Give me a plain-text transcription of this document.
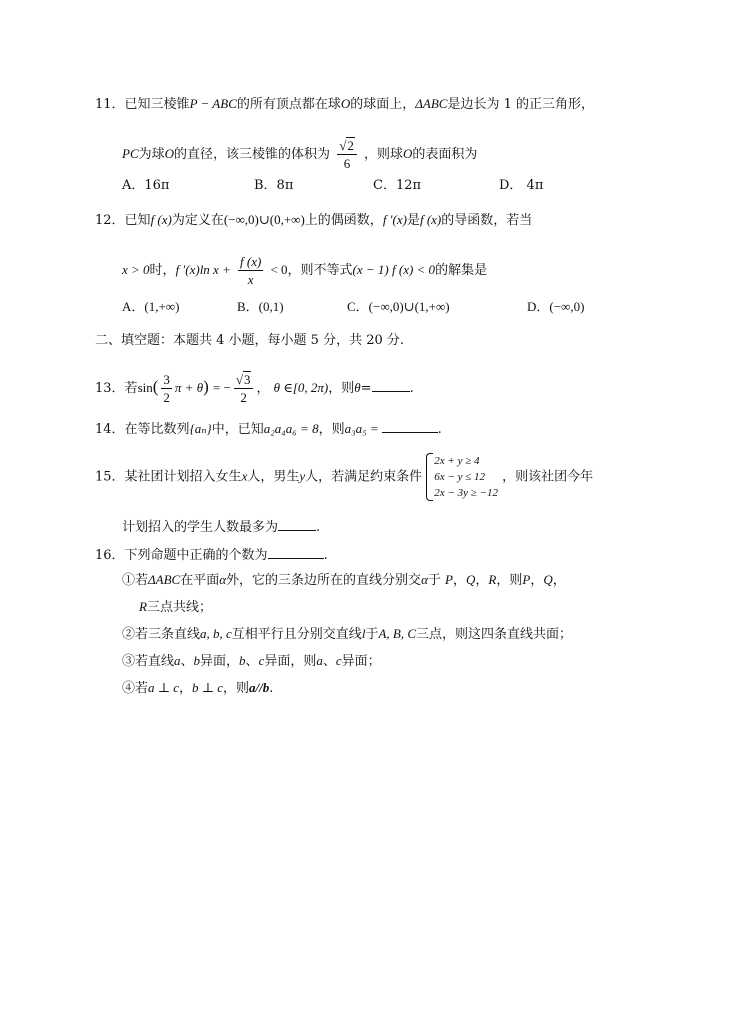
11．已知三棱锥P − ABC的所有顶点都在球O的球面上，ΔABC是边长为 1 的正三角形，
PC为球O的直径，该三棱锥的体积为 $\frac{√2}{6}$ ，则球O的表面积为
A．16π	B．8π	C．12π	D． 4π
12．已知f (x)为定义在(−∞,0)∪(0,+∞)上的偶函数，f ′(x)是f (x)的导函数，若当
x > 0时，f ′(x)ln $x + \frac{f (x)}{x} < 0$，则不等式(x − 1) f (x) < 0的解集是
A．(1,+∞)	B．(0,1)	C．(−∞,0)∪(1,+∞)	D．(−∞,0)
二、填空题：本题共 4 小题，每小题 5 分，共 20 分.
13．若$\sin( \frac{3}{2}$ π + θ) = − $\frac{√3}{2}$ ， θ ∈[0, 2π)，则θ=	.
14．在等比数列{aₙ}中，已知a₂a₄a₆ = 8，则a₃a₅ =	.
15．某社团计划招入女生x人，男生y人，若满足约束条件
2x + y ≥ 4
6x − y ≤ 12
2x − 3y ≥ −12
，则该社团今年
计划招入的学生人数最多为	.
16．下列命题中正确的个数为	.
①若ΔABC在平面α外，它的三条边所在的直线分别交α于 P，Q，R，则P，Q，
R三点共线；
②若三条直线a, b, c互相平行且分别交直线l于A, B, C三点，则这四条直线共面；
③若直线a、b异面，b、c异面，则a、c异面；
④若a ⊥ c，b ⊥ c，则a//b.
